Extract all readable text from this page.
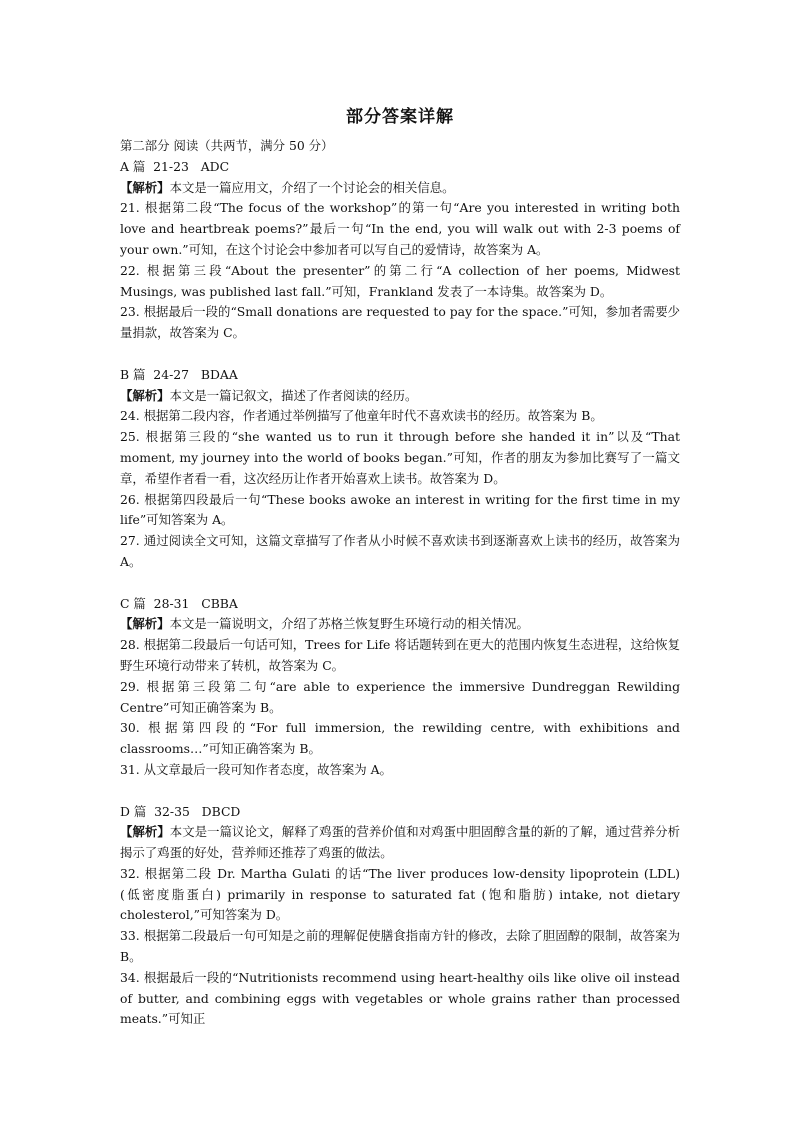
部分答案详解

第二部分 阅读（共两节，满分 50 分）

A 篇  21-23   ADC

【解析】本文是一篇应用文，介绍了一个讨论会的相关信息。

21. 根据第二段“The focus of the workshop”的第一句“Are you interested in writing both love and heartbreak poems?”最后一句“In the end, you will walk out with 2-3 poems of your own.”可知，在这个讨论会中参加者可以写自己的爱情诗，故答案为 A。

22. 根据第三段“About the presenter”的第二行“A collection of her poems, Midwest Musings, was published last fall.”可知，Frankland 发表了一本诗集。故答案为 D。

23. 根据最后一段的“Small donations are requested to pay for the space.”可知，参加者需要少量捐款，故答案为 C。

B 篇  24-27   BDAA

【解析】本文是一篇记叙文，描述了作者阅读的经历。

24. 根据第二段内容，作者通过举例描写了他童年时代不喜欢读书的经历。故答案为 B。

25. 根据第三段的“she wanted us to run it through before she handed it in”以及“That moment, my journey into the world of books began.”可知，作者的朋友为参加比赛写了一篇文章，希望作者看一看，这次经历让作者开始喜欢上读书。故答案为 D。

26. 根据第四段最后一句“These books awoke an interest in writing for the first time in my life”可知答案为 A。

27. 通过阅读全文可知，这篇文章描写了作者从小时候不喜欢读书到逐渐喜欢上读书的经历，故答案为 A。

C 篇  28-31   CBBA

【解析】本文是一篇说明文，介绍了苏格兰恢复野生环境行动的相关情况。

28. 根据第二段最后一句话可知，Trees for Life 将话题转到在更大的范围内恢复生态进程，这给恢复野生环境行动带来了转机，故答案为 C。

29. 根据第三段第二句“are able to experience the immersive Dundreggan Rewilding Centre”可知正确答案为 B。

30. 根据第四段的“For full immersion, the rewilding centre, with exhibitions and classrooms…”可知正确答案为 B。

31. 从文章最后一段可知作者态度，故答案为 A。

D 篇  32-35   DBCD

【解析】本文是一篇议论文，解释了鸡蛋的营养价值和对鸡蛋中胆固醇含量的新的了解，通过营养分析揭示了鸡蛋的好处，营养师还推荐了鸡蛋的做法。

32. 根据第二段 Dr. Martha Gulati 的话“The liver produces low-density lipoprotein (LDL) (低密度脂蛋白) primarily in response to saturated fat (饱和脂肪) intake, not dietary cholesterol,”可知答案为 D。

33. 根据第二段最后一句可知是之前的理解促使膳食指南方针的修改，去除了胆固醇的限制，故答案为 B。

34. 根据最后一段的“Nutritionists recommend using heart-healthy oils like olive oil instead of butter, and combining eggs with vegetables or whole grains rather than processed meats.”可知正
